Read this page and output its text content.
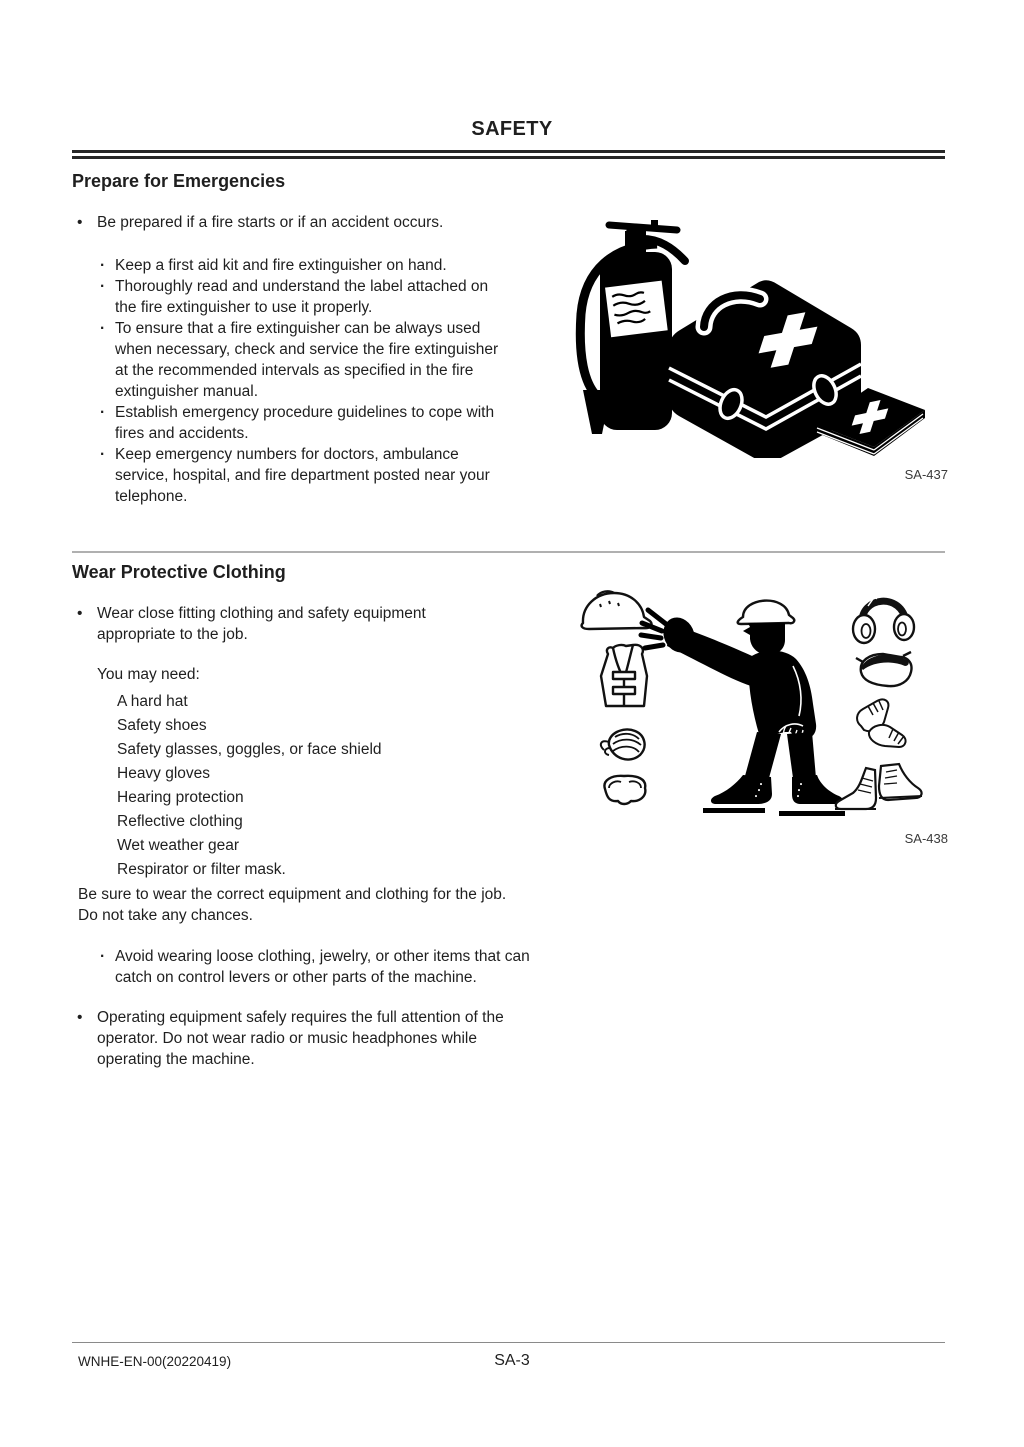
SAFETY
Prepare for Emergencies
• Be prepared if a fire starts or if an accident occurs.
· Keep a first aid kit and fire extinguisher on hand.
· Thoroughly read and understand the label attached on the fire extinguisher to use it properly.
· To ensure that a fire extinguisher can be always used when necessary, check and service the fire extinguisher at the recommended intervals as specified in the fire extinguisher manual.
· Establish emergency procedure guidelines to cope with fires and accidents.
· Keep emergency numbers for doctors, ambulance service, hospital, and fire department posted near your telephone.
SA-437
Wear Protective Clothing
• Wear close fitting clothing and safety equipment appropriate to the job.
You may need:
A hard hat
Safety shoes
Safety glasses, goggles, or face shield
Heavy gloves
Hearing protection
Reflective clothing
Wet weather gear
Respirator or filter mask.
Be sure to wear the correct equipment and clothing for the job. Do not take any chances.
· Avoid wearing loose clothing, jewelry, or other items that can catch on control levers or other parts of the machine.
• Operating equipment safely requires the full attention of the operator. Do not wear radio or music headphones while operating the machine.
SA-438
WNHE-EN-00(20220419)	SA-3
